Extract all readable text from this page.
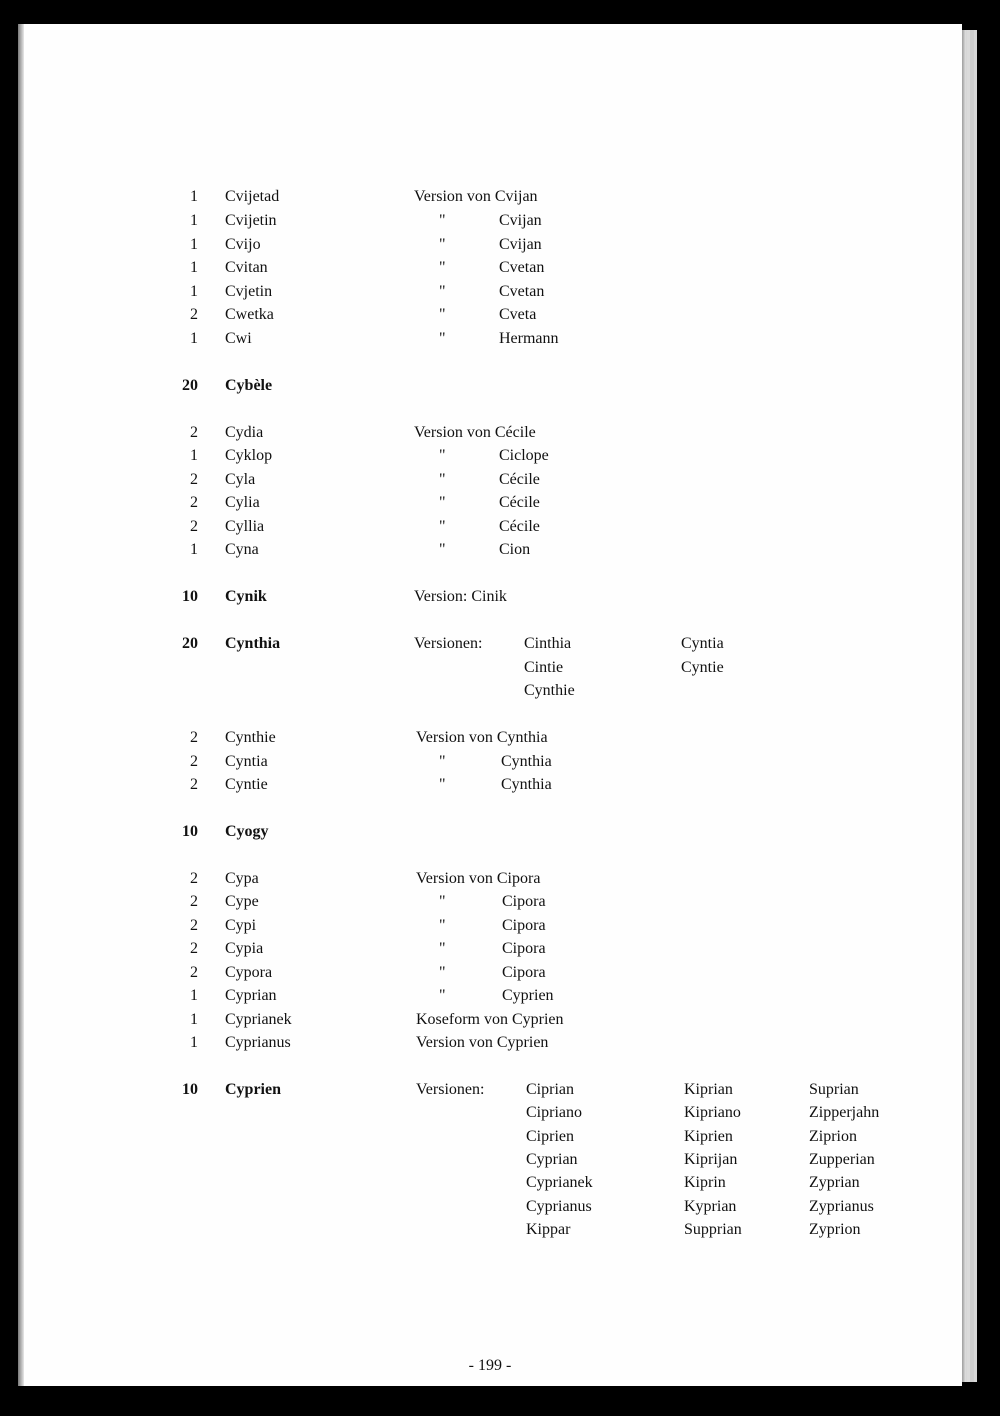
1 Cvijetad	Version von Cvijan
1 Cvijetin	"	Cvijan
1 Cvijo	"	Cvijan
1 Cvitan	"	Cvetan
1 Cvjetin	"	Cvetan
2 Cwetka	"	Cveta
1 Cwi	"	Hermann
20 Cybèle
2 Cydia	Version von Cécile
1 Cyklop	"	Ciclope
2 Cyla	"	Cécile
2 Cylia	"	Cécile
2 Cyllia	"	Cécile
1 Cyna	"	Cion
10 Cynik	Version: Cinik
20 Cynthia	Versionen:	Cinthia	Cyntia
Cintie	Cyntie
Cynthie
2 Cynthie	Version von Cynthia
2 Cyntia	"	Cynthia
2 Cyntie	"	Cynthia
10 Cyogy
2 Cypa	Version von Cipora
2 Cype	"	Cipora
2 Cypi	"	Cipora
2 Cypia	"	Cipora
2 Cypora	"	Cipora
1 Cyprian	"	Cyprien
1 Cyprianek	Koseform von Cyprien
1 Cyprianus	Version von Cyprien
10 Cyprien	Versionen:	Ciprian	Kiprian	Suprian
Cipriano	Kipriano	Zipperjahn
Ciprien	Kiprien	Ziprion
Cyprian	Kiprijan	Zupperian
Cyprianek	Kiprin	Zyprian
Cyprianus	Kyprian	Zyprianus
Kippar	Supprian	Zyprion
- 199 -
